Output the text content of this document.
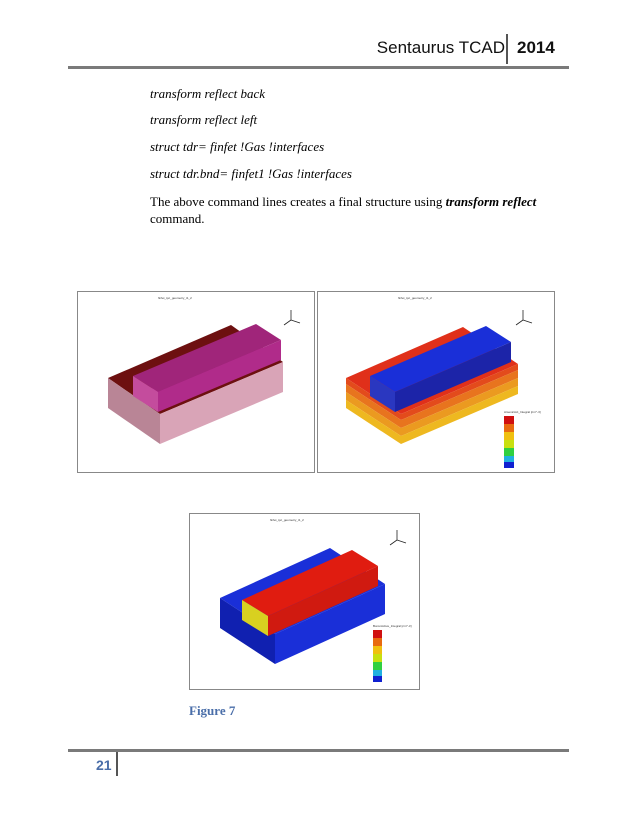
Sentaurus TCAD 2014
transform reflect back
transform reflect left
struct tdr= finfet !Gas !interfaces
struct tdr.bnd= finfet1 !Gas !interfaces
The above command lines creates a final structure using transform reflect command.
finfet_tpc_geometry_t1_2	finfet_tpc_geometry_t1_2
ArsenicAct_Integral [cm^-3]
finfet_tpc_geometry_t1_2
BoronActive_Integral [cm^-3]
Figure 7
21
